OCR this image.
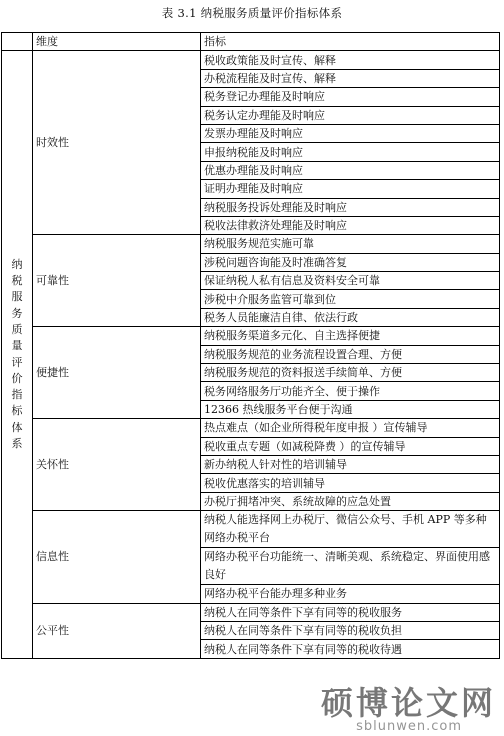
表 3.1 纳税服务质量评价指标体系
	维度	指标

纳税服务质量评价指标体系	时效性	税收政策能及时宣传、解释
		办税流程能及时宣传、解释
		税务登记办理能及时响应
		税务认定办理能及时响应
		发票办理能及时响应
		申报纳税能及时响应
		优惠办理能及时响应
		证明办理能及时响应
		纳税服务投诉处理能及时响应
		税收法律救济处理能及时响应
	可靠性	纳税服务规范实施可靠
		涉税问题咨询能及时准确答复
		保证纳税人私有信息及资料安全可靠
		涉税中介服务监管可靠到位
		税务人员能廉洁自律、依法行政
	便捷性	纳税服务渠道多元化、自主选择便捷
		纳税服务规范的业务流程设置合理、方便
		纳税服务规范的资料报送手续简单、方便
		税务网络服务厅功能齐全、便于操作
		12366 热线服务平台便于沟通
	关怀性	热点难点（如企业所得税年度申报 ）宣传辅导
		税收重点专题（如减税降费 ）的宣传辅导
		新办纳税人针对性的培训辅导
		税收优惠落实的培训辅导
		办税厅拥堵冲突、系统故障的应急处置
	信息性	纳税人能选择网上办税厅、微信公众号、手机 APP 等多种网络办税平台
		网络办税平台功能统一、清晰美观、系统稳定、界面使用感良好
		网络办税平台能办理多种业务
	公平性	纳税人在同等条件下享有同等的税收服务
		纳税人在同等条件下享有同等的税收负担
		纳税人在同等条件下享有同等的税收待遇
硕博论文网
sblunwen.com
